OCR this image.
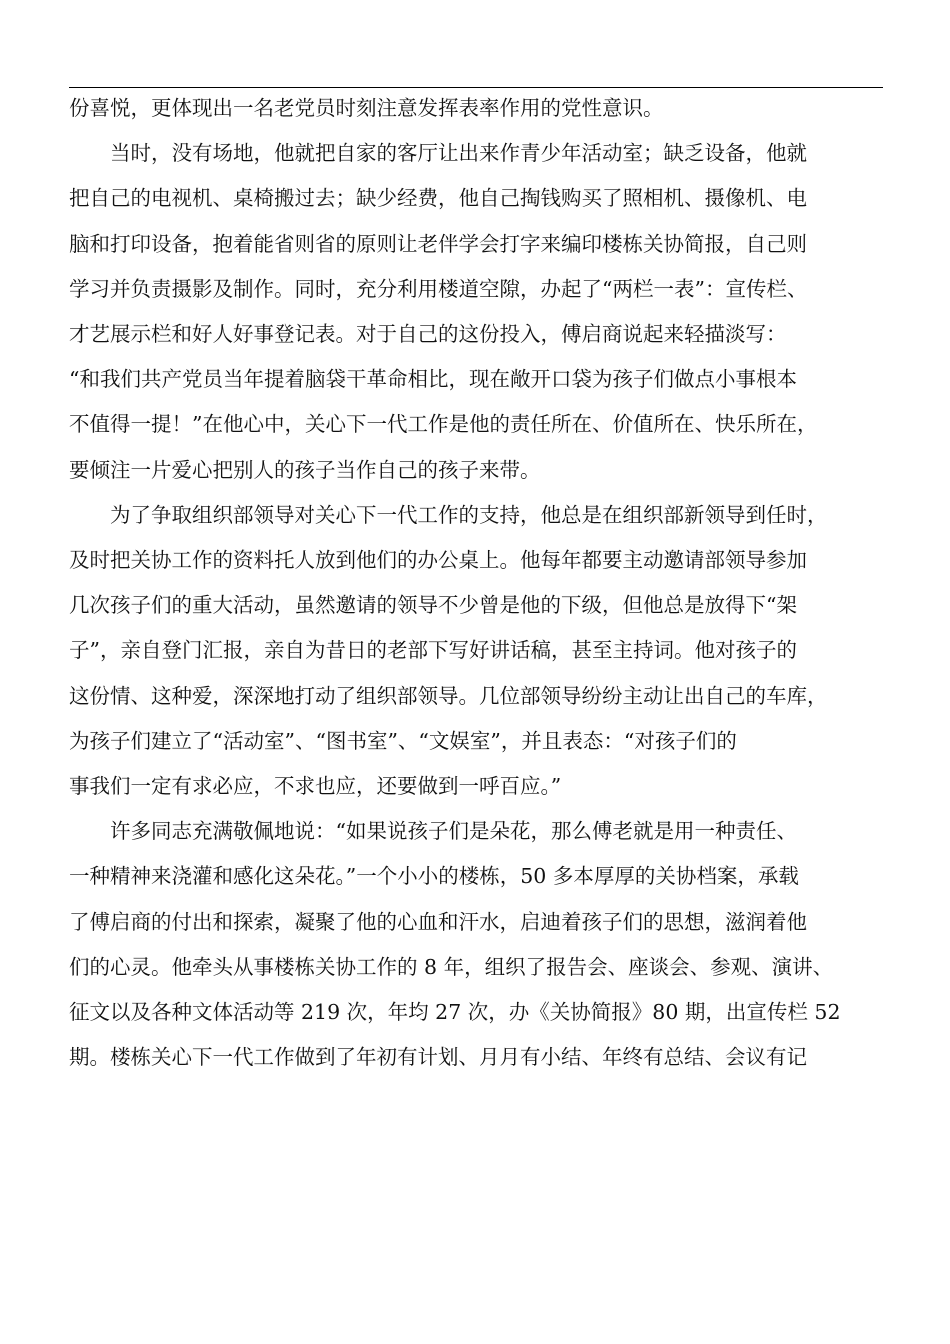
份喜悦，更体现出一名老党员时刻注意发挥表率作用的党性意识。

当时，没有场地，他就把自家的客厅让出来作青少年活动室；缺乏设备，他就
把自己的电视机、桌椅搬过去；缺少经费，他自己掏钱购买了照相机、摄像机、电
脑和打印设备，抱着能省则省的原则让老伴学会打字来编印楼栋关协简报，自己则
学习并负责摄影及制作。同时，充分利用楼道空隙，办起了“两栏一表”：宣传栏、
才艺展示栏和好人好事登记表。对于自己的这份投入，傅启商说起来轻描淡写：
“和我们共产党员当年提着脑袋干革命相比，现在敞开口袋为孩子们做点小事根本
不值得一提！”在他心中，关心下一代工作是他的责任所在、价值所在、快乐所在，
要倾注一片爱心把别人的孩子当作自己的孩子来带。

为了争取组织部领导对关心下一代工作的支持，他总是在组织部新领导到任时，
及时把关协工作的资料托人放到他们的办公桌上。他每年都要主动邀请部领导参加
几次孩子们的重大活动，虽然邀请的领导不少曾是他的下级，但他总是放得下“架
子”，亲自登门汇报，亲自为昔日的老部下写好讲话稿，甚至主持词。他对孩子的
这份情、这种爱，深深地打动了组织部领导。几位部领导纷纷主动让出自己的车库，
为孩子们建立了“活动室”、“图书室”、“文娱室”，并且表态：“对孩子们的
事我们一定有求必应，不求也应，还要做到一呼百应。”

许多同志充满敬佩地说：“如果说孩子们是朵花，那么傅老就是用一种责任、
一种精神来浇灌和感化这朵花。”一个小小的楼栋，50 多本厚厚的关协档案，承载
了傅启商的付出和探索，凝聚了他的心血和汗水，启迪着孩子们的思想，滋润着他
们的心灵。他牵头从事楼栋关协工作的 8 年，组织了报告会、座谈会、参观、演讲、
征文以及各种文体活动等 219 次，年均 27 次，办《关协简报》80 期，出宣传栏 52
期。楼栋关心下一代工作做到了年初有计划、月月有小结、年终有总结、会议有记
